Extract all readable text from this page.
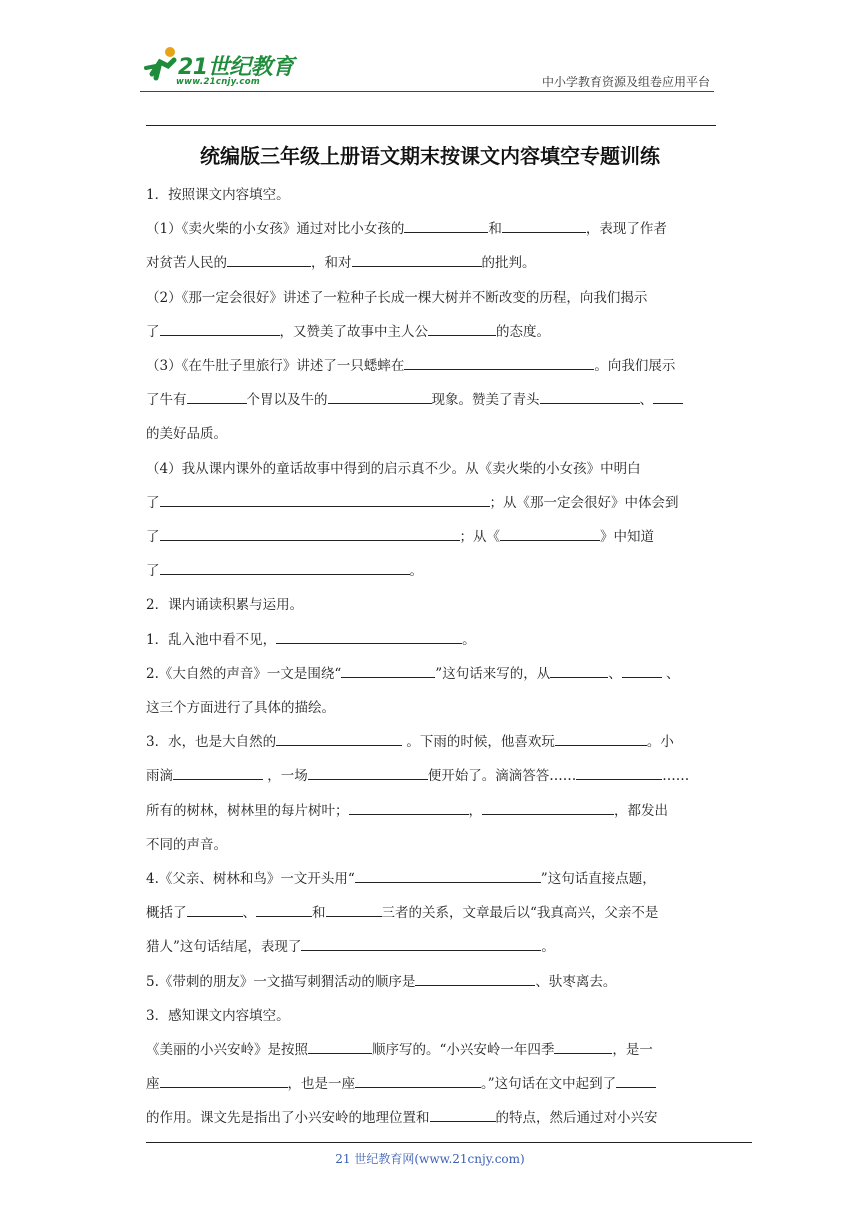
21世纪教育
www.21cnjy.com	中小学教育资源及组卷应用平台
统编版三年级上册语文期末按课文内容填空专题训练

1．按照课文内容填空。

（1）《卖火柴的小女孩》通过对比小女孩的	和	，表现了作者

对贫苦人民的	，和对	的批判。

（2）《那一定会很好》讲述了一粒种子长成一棵大树并不断改变的历程，向我们揭示

了	，又赞美了故事中主人公	的态度。

（3）《在牛肚子里旅行》讲述了一只蟋蟀在	。向我们展示

了牛有	个胃以及牛的	现象。赞美了青头	、

的美好品质。

（4）我从课内课外的童话故事中得到的启示真不少。从《卖火柴的小女孩》中明白

了	；从《那一定会很好》中体会到

了	；从《	》中知道

了	。

2．课内诵读积累与运用。

1．乱入池中看不见，	。

2.《大自然的声音》一文是围绕“	”这句话来写的，从	、	、

这三个方面进行了具体的描绘。

3．水，也是大自然的	。下雨的时候，他喜欢玩	。小

雨滴	，一场	便开始了。滴滴答答……	……

所有的树林，树林里的每片树叶；	，	，都发出

不同的声音。

4.《父亲、树林和鸟》一文开头用“	”这句话直接点题，

概括了	、	和	三者的关系，文章最后以“我真高兴，父亲不是

猎人”这句话结尾，表现了	。

5.《带刺的朋友》一文描写刺猬活动的顺序是	、驮枣离去。

3．感知课文内容填空。

《美丽的小兴安岭》是按照	顺序写的。“小兴安岭一年四季	，是一

座	，也是一座	。”这句话在文中起到了

的作用。课文先是指出了小兴安岭的地理位置和	的特点，然后通过对小兴安

21 世纪教育网(www.21cnjy.com)
